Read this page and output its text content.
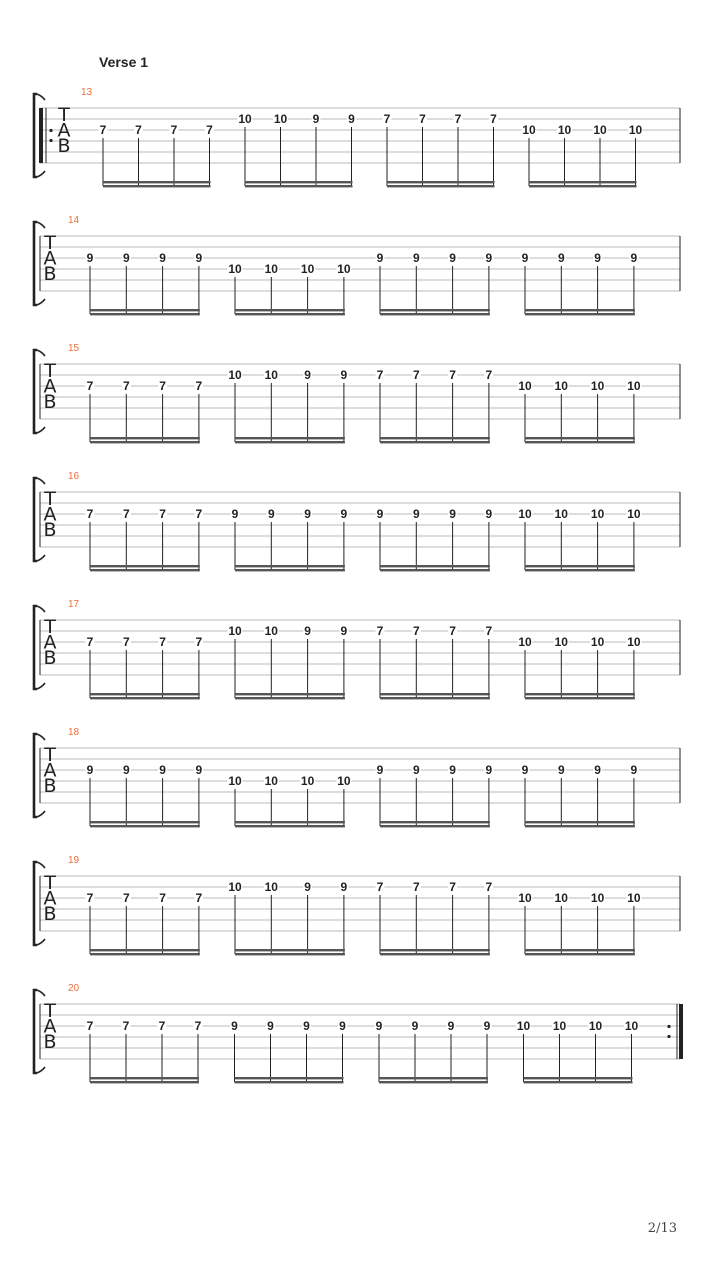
Verse 1
T
A
B
13
7 7 7 7
10 10 9 9 7 7 7 7
10 10 10 10
T
A
B
14
9 9 9 9
10 10 10 10
9 9 9 9 9 9 9 9
T
A
B
15
7 7 7 7
10 10 9 9 7 7 7 7
10 10 10 10
T
A
B
16
7 7 7 7 9 9 9 9 9 9 9 9 10 10 10 10
T
A
B
17
7 7 7 7
10 10 9 9 7 7 7 7
10 10 10 10
T
A
B
18
9 9 9 9
10 10 10 10
9 9 9 9 9 9 9 9
T
A
B
19
7 7 7 7
10 10 9 9 7 7 7 7
10 10 10 10
T
A
B
20
7 7 7 7 9 9 9 9 9 9 9 9 10 10 10 10
2/13
